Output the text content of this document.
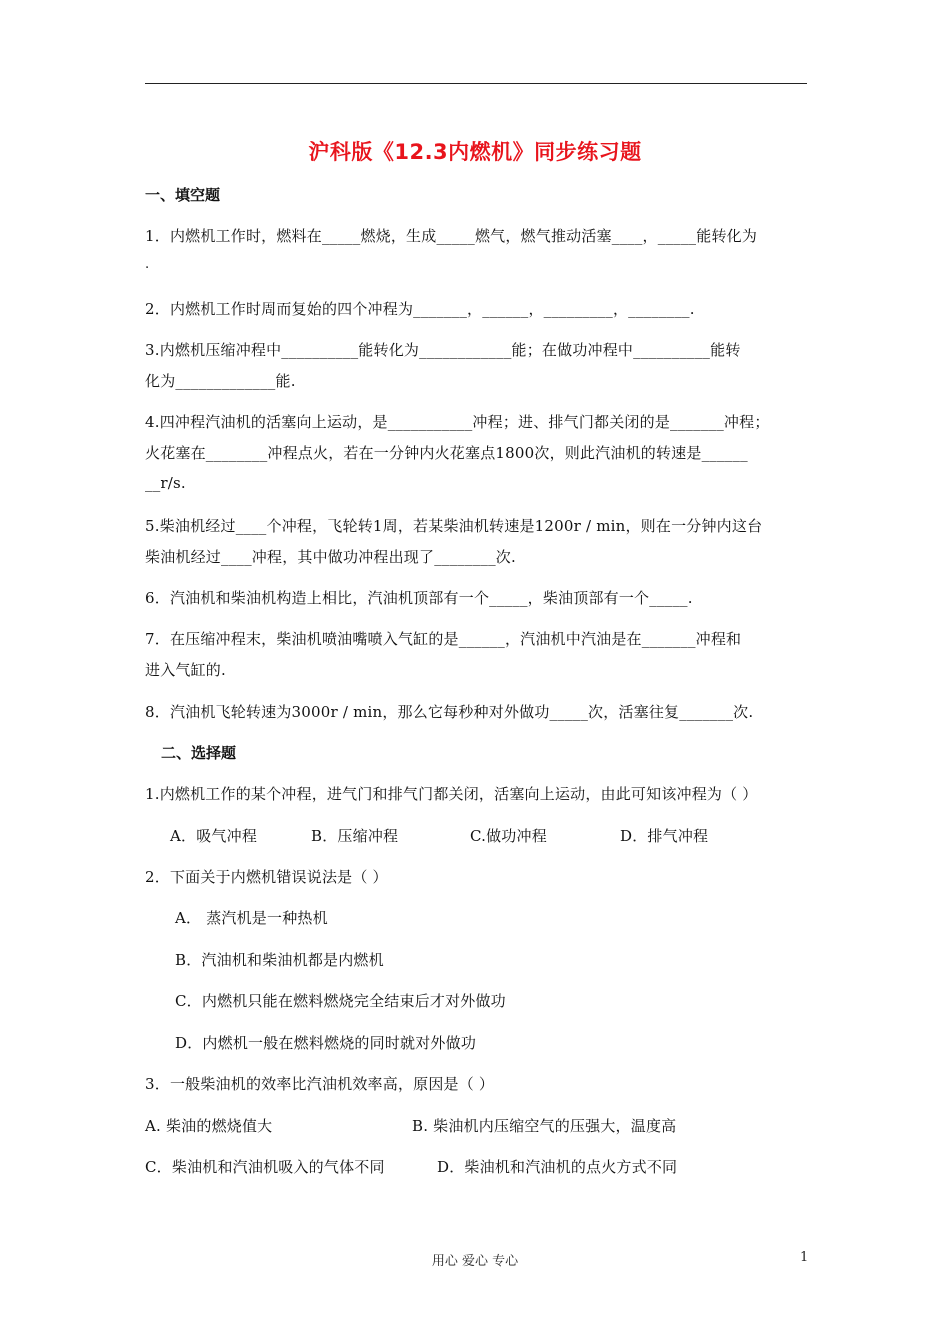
沪科版《12.3内燃机》同步练习题
一、填空题
1．内燃机工作时，燃料在_____燃烧，生成_____燃气，燃气推动活塞____，_____能转化为
.
2．内燃机工作时周而复始的四个冲程为_______，______，_________，________.
3.内燃机压缩冲程中__________能转化为____________能；在做功冲程中__________能转
化为_____________能.
4.四冲程汽油机的活塞向上运动，是___________冲程；进、排气门都关闭的是_______冲程；
火花塞在________冲程点火，若在一分钟内火花塞点1800次，则此汽油机的转速是______
__r/s.
5.柴油机经过____个冲程，飞轮转1周，若某柴油机转速是1200r / min，则在一分钟内这台
柴油机经过____冲程，其中做功冲程出现了________次.
6．汽油机和柴油机构造上相比，汽油机顶部有一个_____，柴油顶部有一个_____.
7．在压缩冲程末，柴油机喷油嘴喷入气缸的是______，汽油机中汽油是在_______冲程和
进入气缸的.
8．汽油机飞轮转速为3000r / min，那么它每秒种对外做功_____次，活塞往复_______次.
二、选择题
1.内燃机工作的某个冲程，进气门和排气门都关闭，活塞向上运动，由此可知该冲程为（ ）
A．吸气冲程	B．压缩冲程	C.做功冲程	D．排气冲程
2．下面关于内燃机错误说法是（ ）
A． 蒸汽机是一种热机
B．汽油机和柴油机都是内燃机
C．内燃机只能在燃料燃烧完全结束后才对外做功
D．内燃机一般在燃料燃烧的同时就对外做功
3．一般柴油机的效率比汽油机效率高，原因是（ ）
A. 柴油的燃烧值大	B. 柴油机内压缩空气的压强大，温度高
C．柴油机和汽油机吸入的气体不同	D．柴油机和汽油机的点火方式不同
用心 爱心 专心	1
